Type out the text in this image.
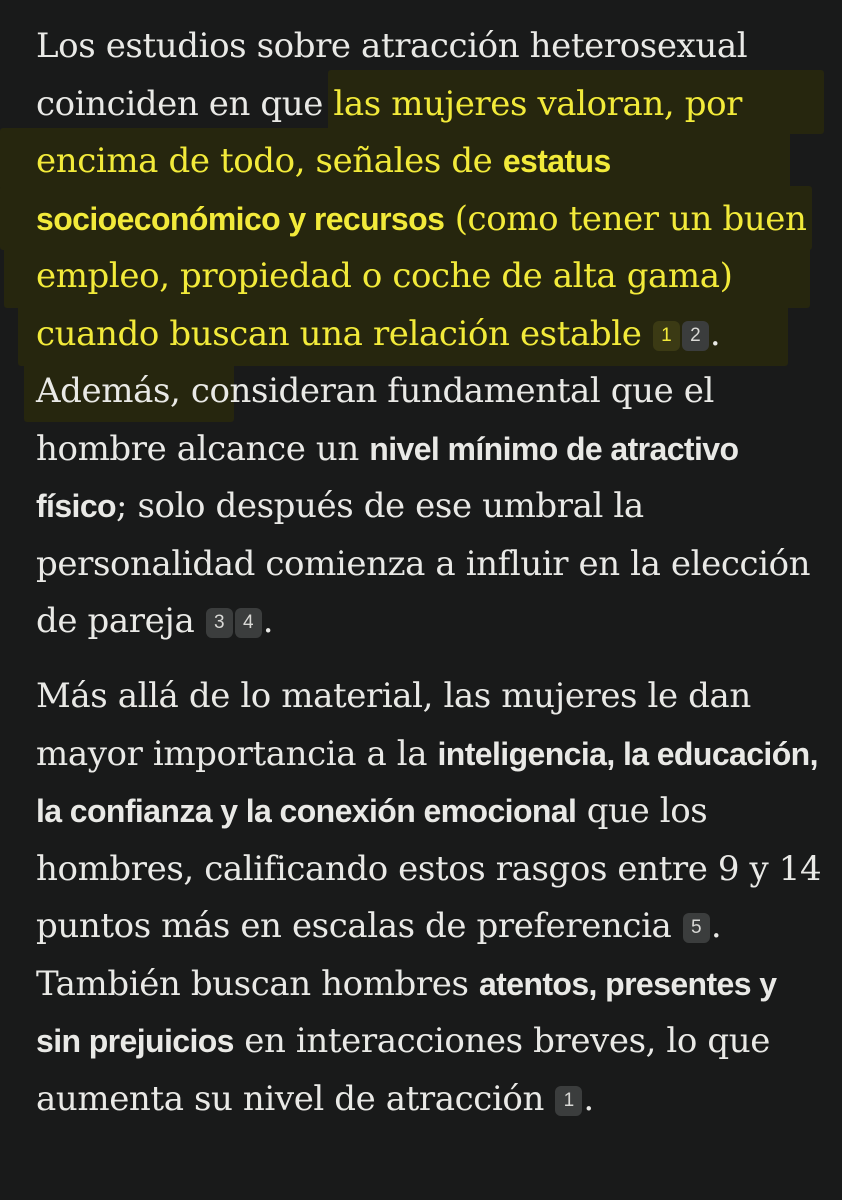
Los estudios sobre atracción heterosexual coinciden en que las mujeres valoran, por encima de todo, señales de estatus socioeconómico y recursos (como tener un buen empleo, propiedad o coche de alta gama) cuando buscan una relación estable 1 2 . Además, consideran fundamental que el hombre alcance un nivel mínimo de atractivo físico; solo después de ese umbral la personalidad comienza a influir en la elección de pareja 3 4 .

Más allá de lo material, las mujeres le dan mayor importancia a la inteligencia, la educación, la confianza y la conexión emocional que los hombres, calificando estos rasgos entre 9 y 14 puntos más en escalas de preferencia 5 . También buscan hombres atentos, presentes y sin prejuicios en interacciones breves, lo que aumenta su nivel de atracción 1 .
